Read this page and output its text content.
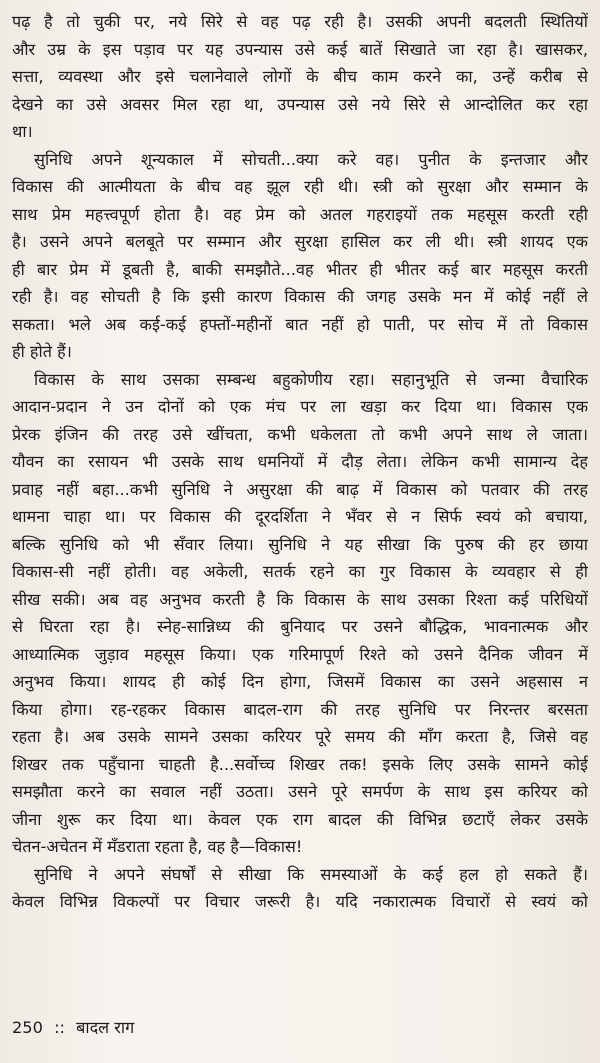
पढ़ है तो चुकी पर, नये सिरे से वह पढ़ रही है। उसकी अपनी बदलती स्थितियों
और उम्र के इस पड़ाव पर यह उपन्यास उसे कई बातें सिखाते जा रहा है। खासकर,
सत्ता, व्यवस्था और इसे चलानेवाले लोगों के बीच काम करने का, उन्हें करीब से
देखने का उसे अवसर मिल रहा था, उपन्यास उसे नये सिरे से आन्दोलित कर रहा
था।

सुनिधि अपने शून्यकाल में सोचती...क्या करे वह। पुनीत के इन्तजार और
विकास की आत्मीयता के बीच वह झूल रही थी। स्त्री को सुरक्षा और सम्मान के
साथ प्रेम महत्त्वपूर्ण होता है। वह प्रेम को अतल गहराइयों तक महसूस करती रही
है। उसने अपने बलबूते पर सम्मान और सुरक्षा हासिल कर ली थी। स्त्री शायद एक
ही बार प्रेम में डूबती है, बाकी समझौते...वह भीतर ही भीतर कई बार महसूस करती
रही है। वह सोचती है कि इसी कारण विकास की जगह उसके मन में कोई नहीं ले
सकता। भले अब कई-कई हफ्तों-महीनों बात नहीं हो पाती, पर सोच में तो विकास
ही होते हैं।

विकास के साथ उसका सम्बन्ध बहुकोणीय रहा। सहानुभूति से जन्मा वैचारिक
आदान-प्रदान ने उन दोनों को एक मंच पर ला खड़ा कर दिया था। विकास एक
प्रेरक इंजिन की तरह उसे खींचता, कभी धकेलता तो कभी अपने साथ ले जाता।
यौवन का रसायन भी उसके साथ धमनियों में दौड़ लेता। लेकिन कभी सामान्य देह
प्रवाह नहीं बहा...कभी सुनिधि ने असुरक्षा की बाढ़ में विकास को पतवार की तरह
थामना चाहा था। पर विकास की दूरदर्शिता ने भँवर से न सिर्फ स्वयं को बचाया,
बल्कि सुनिधि को भी सँवार लिया। सुनिधि ने यह सीखा कि पुरुष की हर छाया
विकास-सी नहीं होती। वह अकेली, सतर्क रहने का गुर विकास के व्यवहार से ही
सीख सकी। अब वह अनुभव करती है कि विकास के साथ उसका रिश्ता कई परिधियों
से घिरता रहा है। स्नेह-सान्निध्य की बुनियाद पर उसने बौद्धिक, भावनात्मक और
आध्यात्मिक जुड़ाव महसूस किया। एक गरिमापूर्ण रिश्ते को उसने दैनिक जीवन में
अनुभव किया। शायद ही कोई दिन होगा, जिसमें विकास का उसने अहसास न
किया होगा। रह-रहकर विकास बादल-राग की तरह सुनिधि पर निरन्तर बरसता
रहता है। अब उसके सामने उसका करियर पूरे समय की माँग करता है, जिसे वह
शिखर तक पहुँचाना चाहती है...सर्वोच्च शिखर तक! इसके लिए उसके सामने कोई
समझौता करने का सवाल नहीं उठता। उसने पूरे समर्पण के साथ इस करियर को
जीना शुरू कर दिया था। केवल एक राग बादल की विभिन्न छटाएँ लेकर उसके
चेतन-अचेतन में मँडराता रहता है, वह है—विकास!

सुनिधि ने अपने संघर्षों से सीखा कि समस्याओं के कई हल हो सकते हैं।
केवल विभिन्न विकल्पों पर विचार जरूरी है। यदि नकारात्मक विचारों से स्वयं को

250 :: बादल राग
